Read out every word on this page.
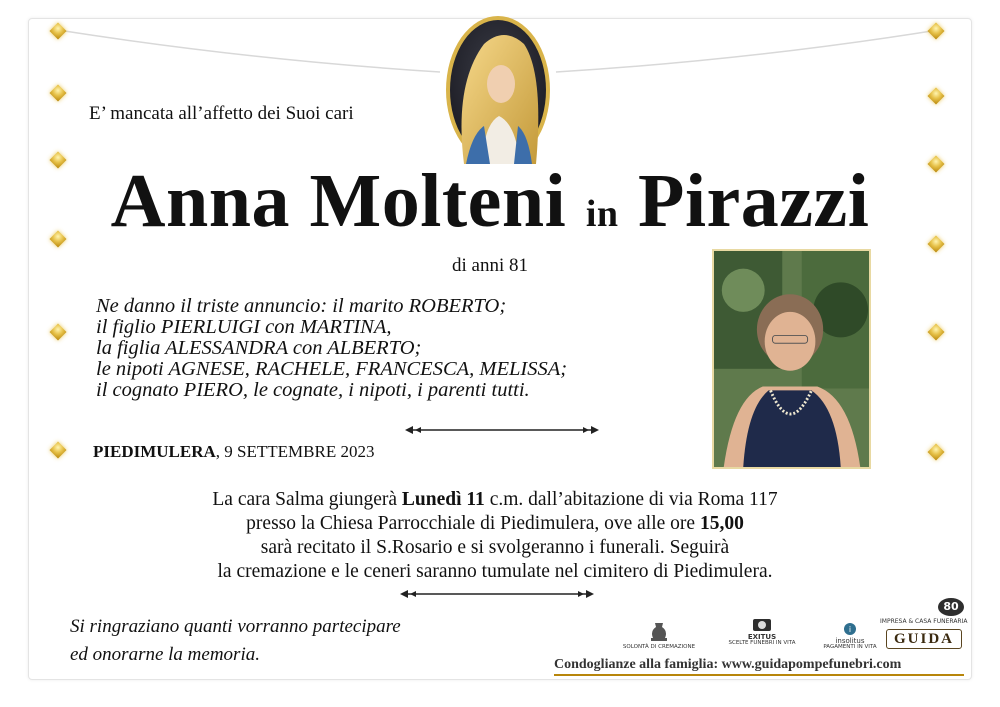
E’ mancata all’affetto dei Suoi cari
Anna Molteni in Pirazzi
di anni 81
Ne danno il triste annuncio: il marito ROBERTO;
il figlio PIERLUIGI con MARTINA,
la figlia ALESSANDRA con ALBERTO;
le nipoti AGNESE, RACHELE, FRANCESCA, MELISSA;
il cognato PIERO, le cognate, i nipoti, i parenti tutti.
PIEDIMULERA, 9 SETTEMBRE 2023
La cara Salma giungerà Lunedì 11 c.m. dall’abitazione di via Roma 117
presso la Chiesa Parrocchiale di Piedimulera, ove alle ore 15,00
sarà recitato il S.Rosario e si svolgeranno i funerali. Seguirà
la cremazione e le ceneri saranno tumulate nel cimitero di Piedimulera.
Si ringraziano quanti vorranno partecipare
ed onorarne la memoria.	SOLONTÀ DI CREMAZIONE
EXITUS
SCELTE FUNEBRI IN VITA
i
insolitus
PAGAMENTI IN VITA
IMPRESA & CASA FUNERARIA
GUIDA
80
Condoglianze alla famiglia: www.guidapompefunebri.com
